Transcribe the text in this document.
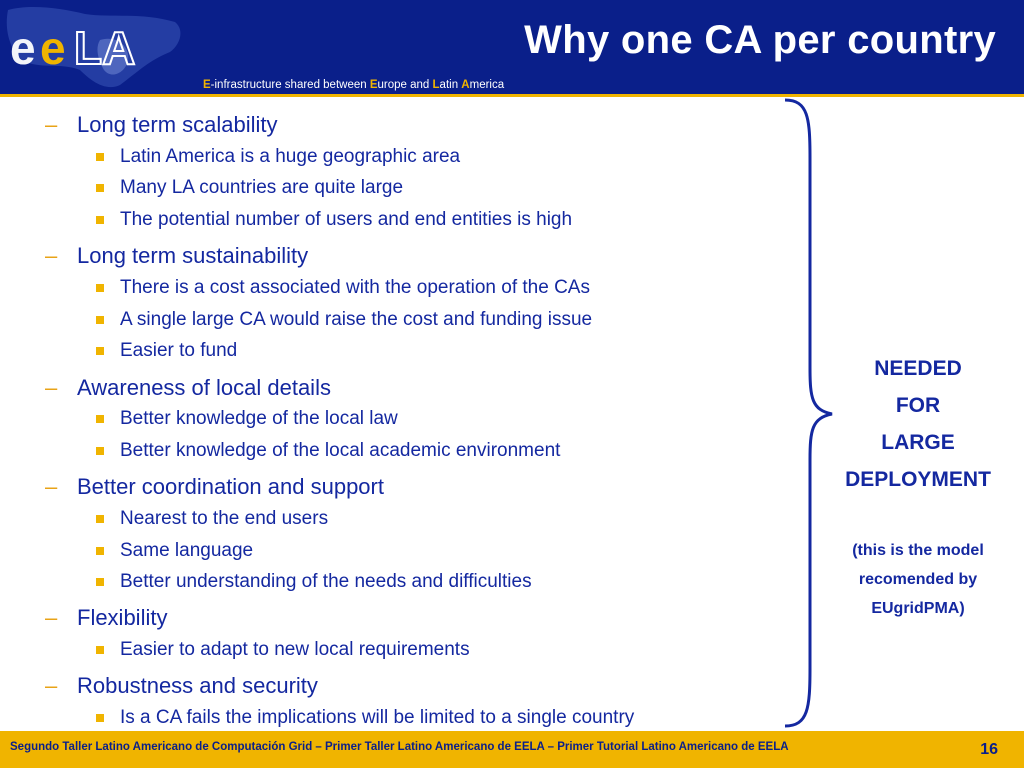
e e LA	Why one CA per country
E-infrastructure shared between Europe and Latin America
– Long term scalability
Latin America is a huge geographic area
Many LA countries are quite large
The potential number of users and end entities is high
– Long term sustainability
There is a cost associated with the operation of the CAs
A single large CA would raise the cost and funding issue
Easier to fund
– Awareness of local details
Better knowledge of the local law
Better knowledge of the local academic environment
– Better coordination and support
Nearest to the end users
Same language
Better understanding of the needs and difficulties
– Flexibility
Easier to adapt to new local requirements
– Robustness and security
Is a CA fails the implications will be limited to a single country
NEEDED
FOR
LARGE
DEPLOYMENT
(this is the model
recomended by
EUgridPMA)
Segundo Taller Latino Americano de Computación Grid – Primer Taller Latino Americano de EELA – Primer Tutorial Latino Americano de EELA	16
